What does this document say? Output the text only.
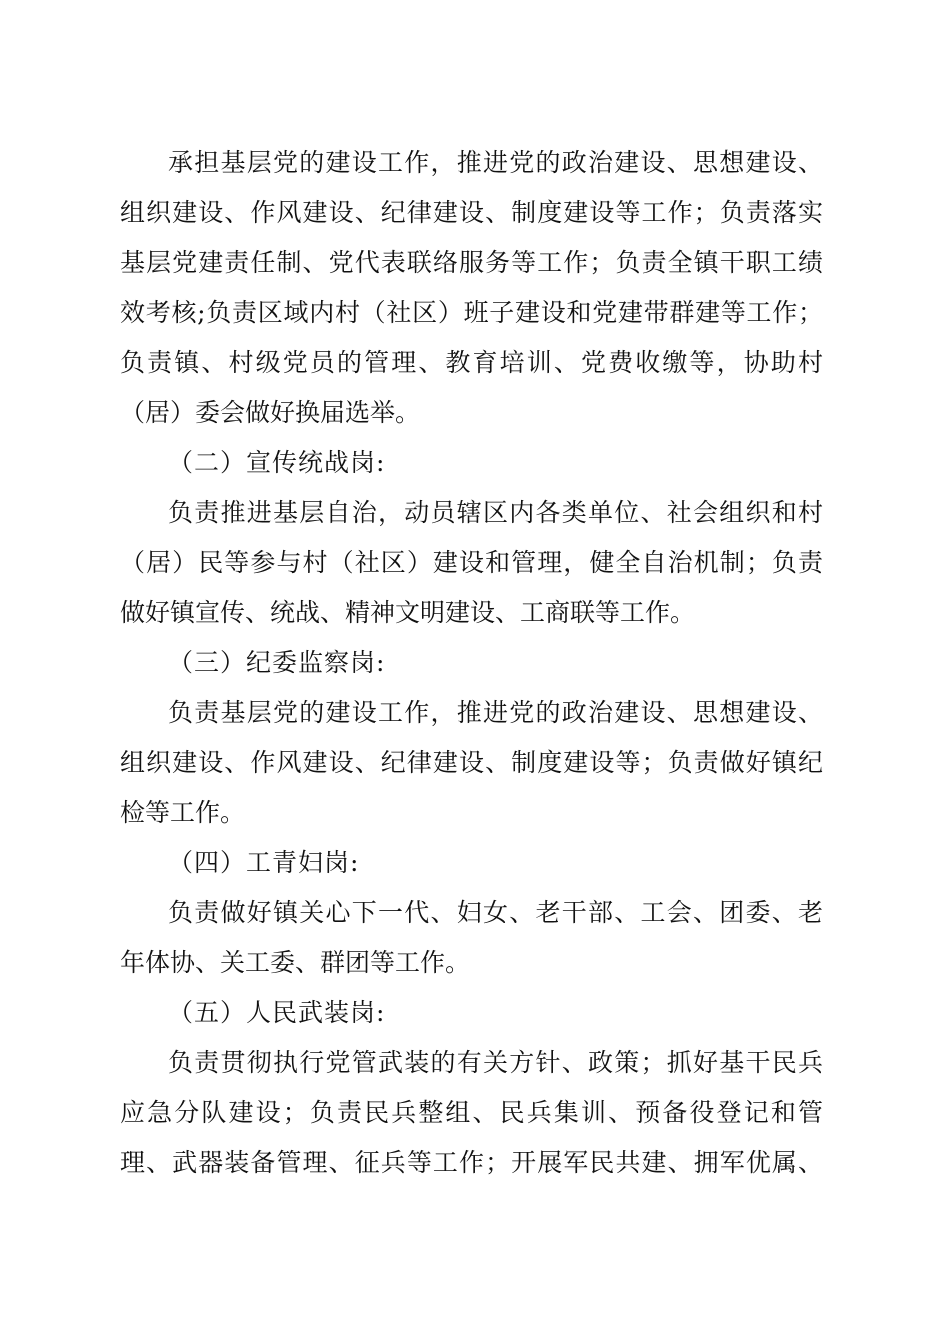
承担基层党的建设工作，推进党的政治建设、思想建设、
组织建设、作风建设、纪律建设、制度建设等工作；负责落实
基层党建责任制、党代表联络服务等工作；负责全镇干职工绩
效考核;负责区域内村（社区）班子建设和党建带群建等工作；
负责镇、村级党员的管理、教育培训、党费收缴等，协助村
（居）委会做好换届选举。
（二）宣传统战岗:
负责推进基层自治，动员辖区内各类单位、社会组织和村
（居）民等参与村（社区）建设和管理，健全自治机制；负责
做好镇宣传、统战、精神文明建设、工商联等工作。
（三）纪委监察岗:
负责基层党的建设工作，推进党的政治建设、思想建设、
组织建设、作风建设、纪律建设、制度建设等；负责做好镇纪
检等工作。
（四）工青妇岗:
负责做好镇关心下一代、妇女、老干部、工会、团委、老
年体协、关工委、群团等工作。
（五）人民武装岗:
负责贯彻执行党管武装的有关方针、政策；抓好基干民兵
应急分队建设；负责民兵整组、民兵集训、预备役登记和管
理、武器装备管理、征兵等工作；开展军民共建、拥军优属、
